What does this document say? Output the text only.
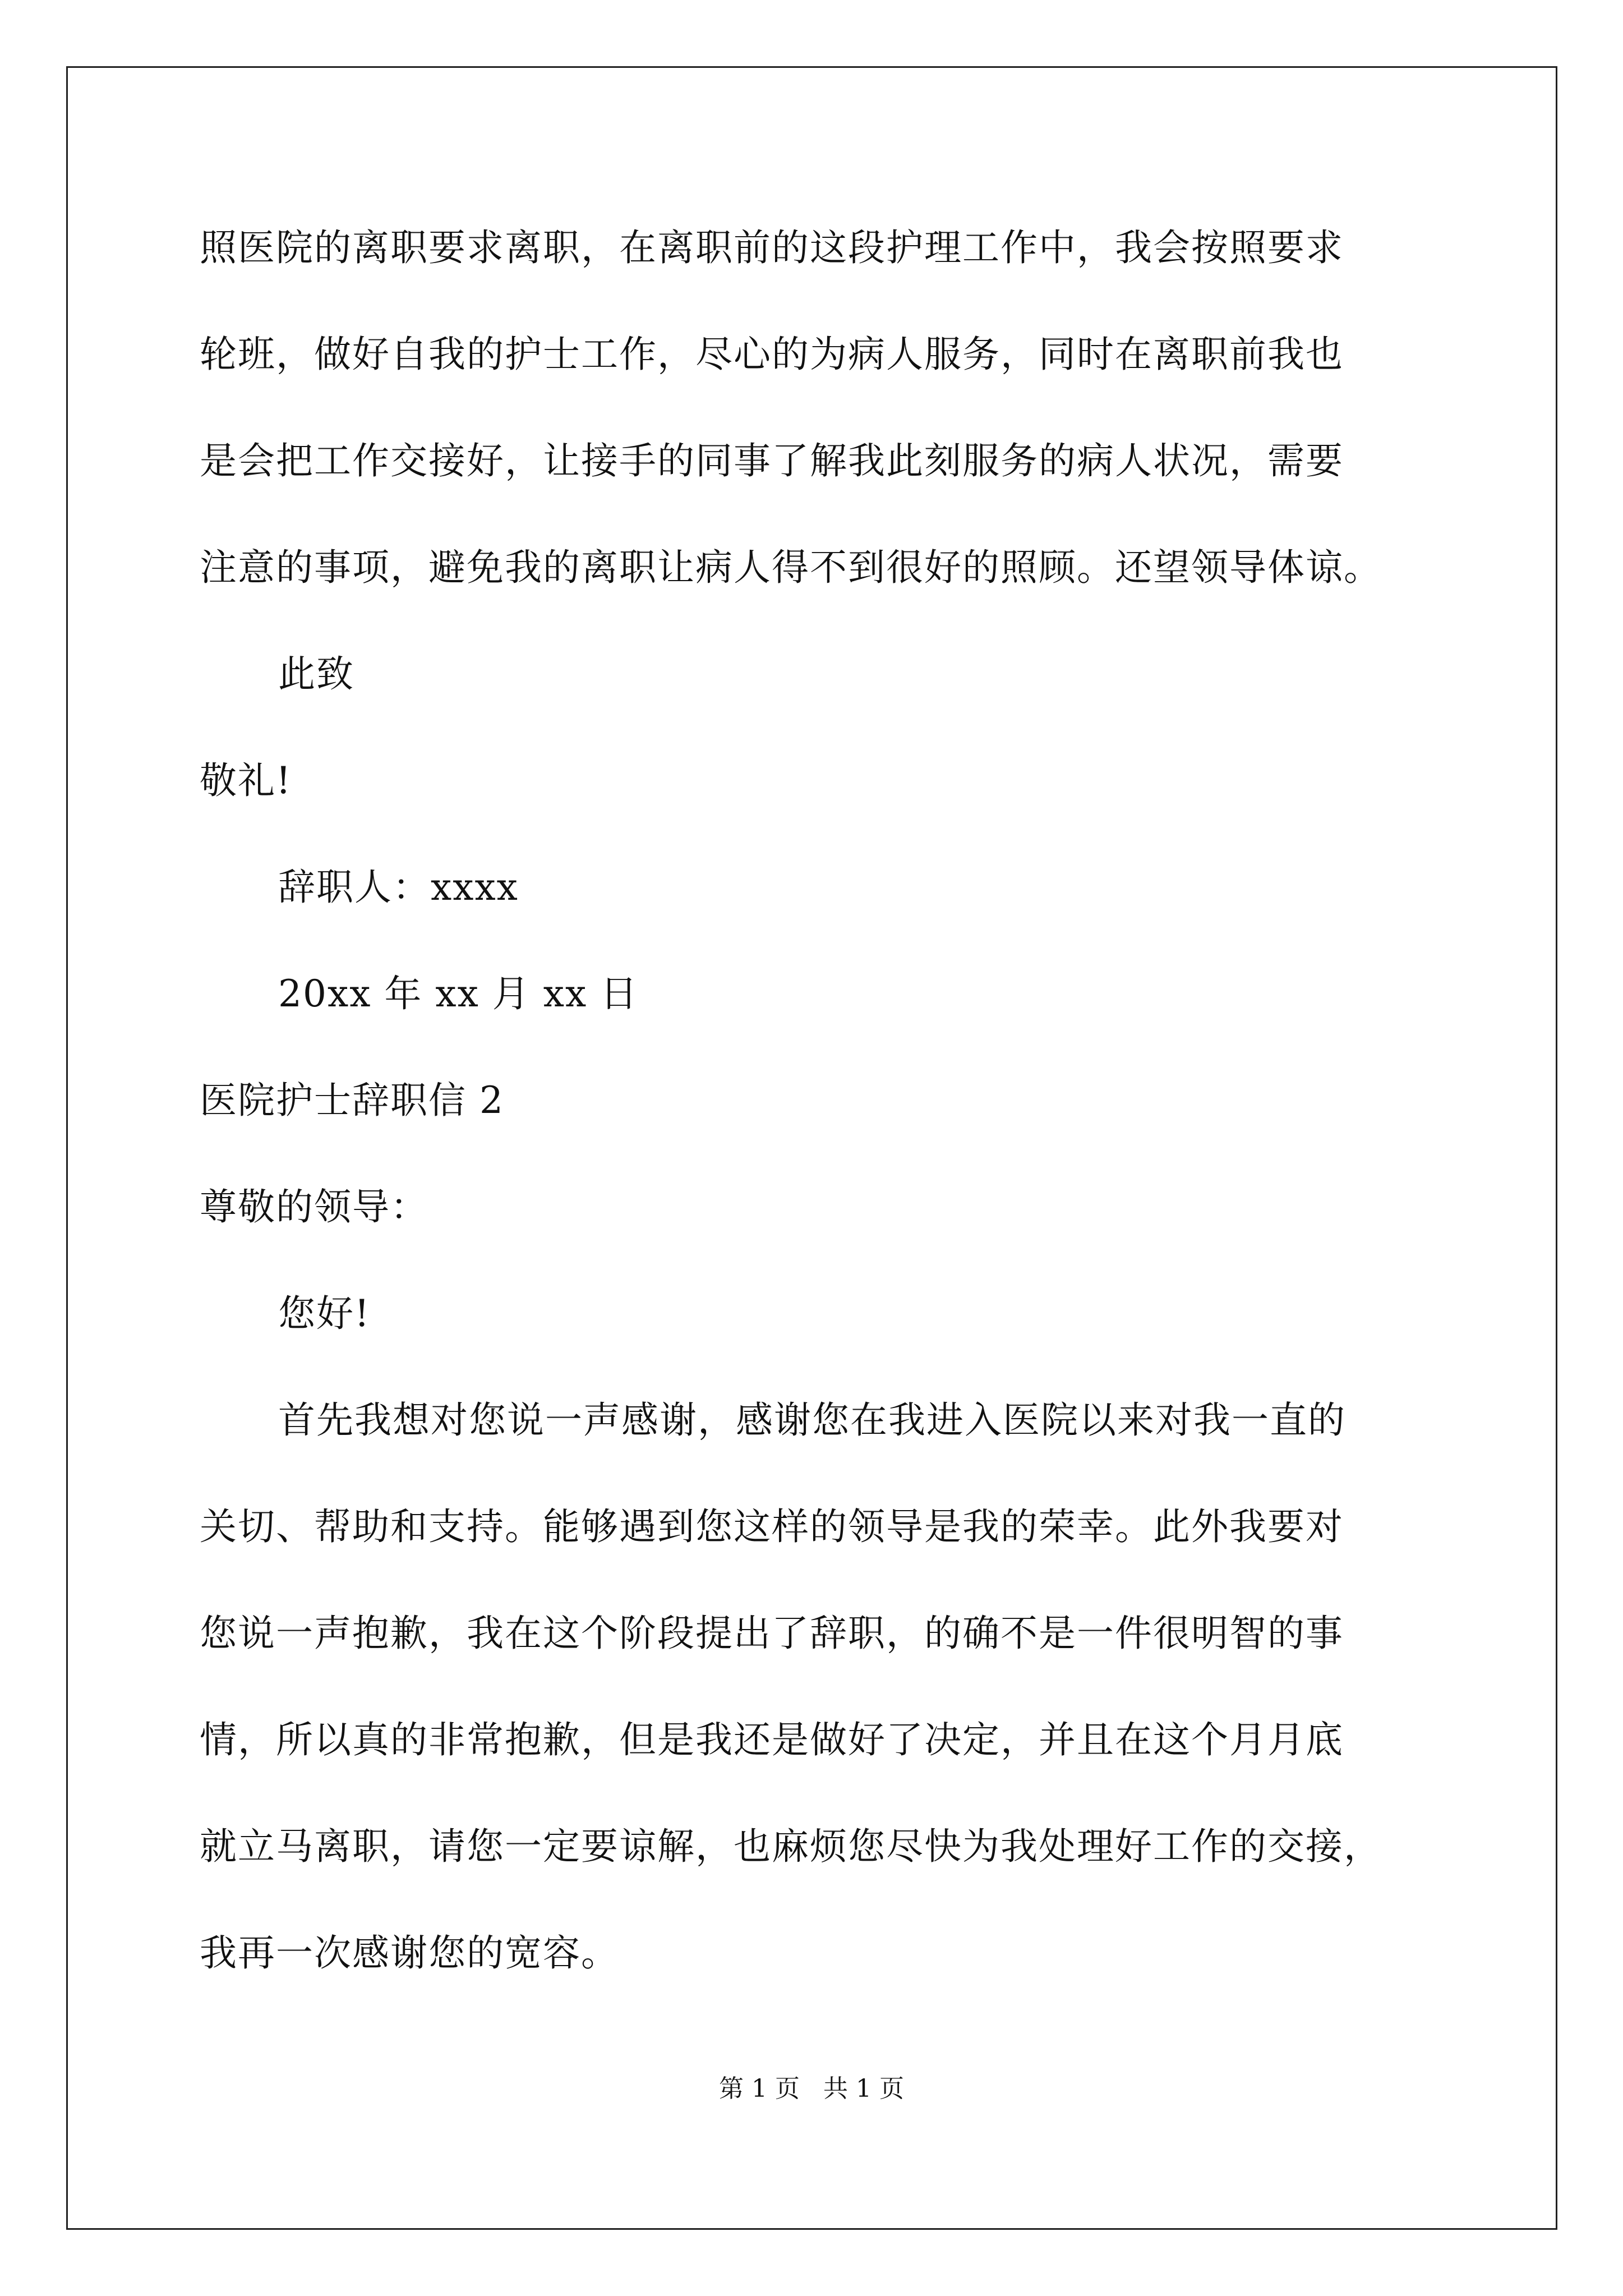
照医院的离职要求离职，在离职前的这段护理工作中，我会按照要求
轮班，做好自我的护士工作，尽心的为病人服务，同时在离职前我也
是会把工作交接好，让接手的同事了解我此刻服务的病人状况，需要
注意的事项，避免我的离职让病人得不到很好的照顾。还望领导体谅。
此致
敬礼!
辞职人：xxxx
20xx 年 xx 月 xx 日
医院护士辞职信 2
尊敬的领导：
您好!
首先我想对您说一声感谢，感谢您在我进入医院以来对我一直的
关切、帮助和支持。能够遇到您这样的领导是我的荣幸。此外我要对
您说一声抱歉，我在这个阶段提出了辞职，的确不是一件很明智的事
情，所以真的非常抱歉，但是我还是做好了决定，并且在这个月月底
就立马离职，请您一定要谅解，也麻烦您尽快为我处理好工作的交接，
我再一次感谢您的宽容。
第 1 页   共 1 页
